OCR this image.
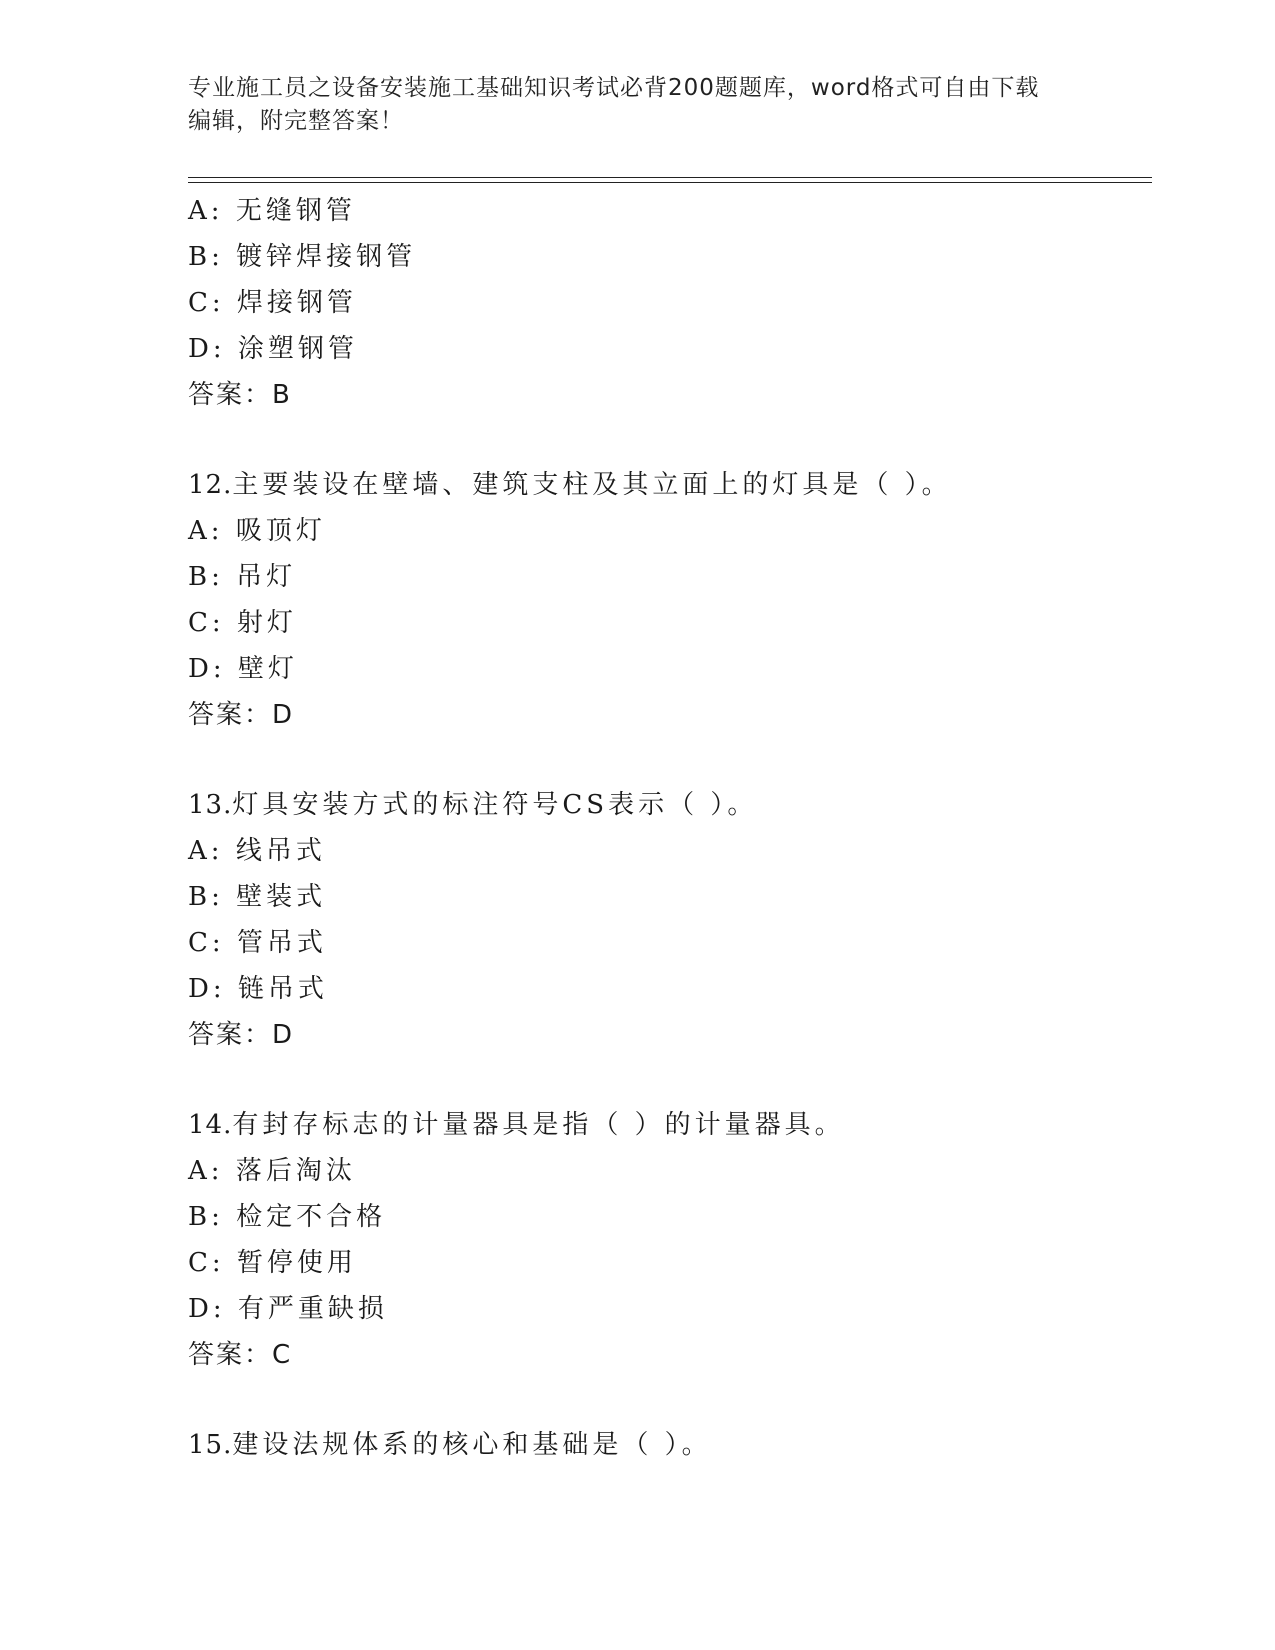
专业施工员之设备安装施工基础知识考试必背200题题库，word格式可自由下载
编辑，附完整答案！
A: 无缝钢管
B: 镀锌焊接钢管
C: 焊接钢管
D: 涂塑钢管
答案：B
12.主要装设在壁墙、建筑支柱及其立面上的灯具是（ ）。
A: 吸顶灯
B: 吊灯
C: 射灯
D: 壁灯
答案：D
13.灯具安装方式的标注符号CS表示（ ）。
A: 线吊式
B: 壁装式
C: 管吊式
D: 链吊式
答案：D
14.有封存标志的计量器具是指（ ）的计量器具。
A: 落后淘汰
B: 检定不合格
C: 暂停使用
D: 有严重缺损
答案：C
15.建设法规体系的核心和基础是（ ）。
